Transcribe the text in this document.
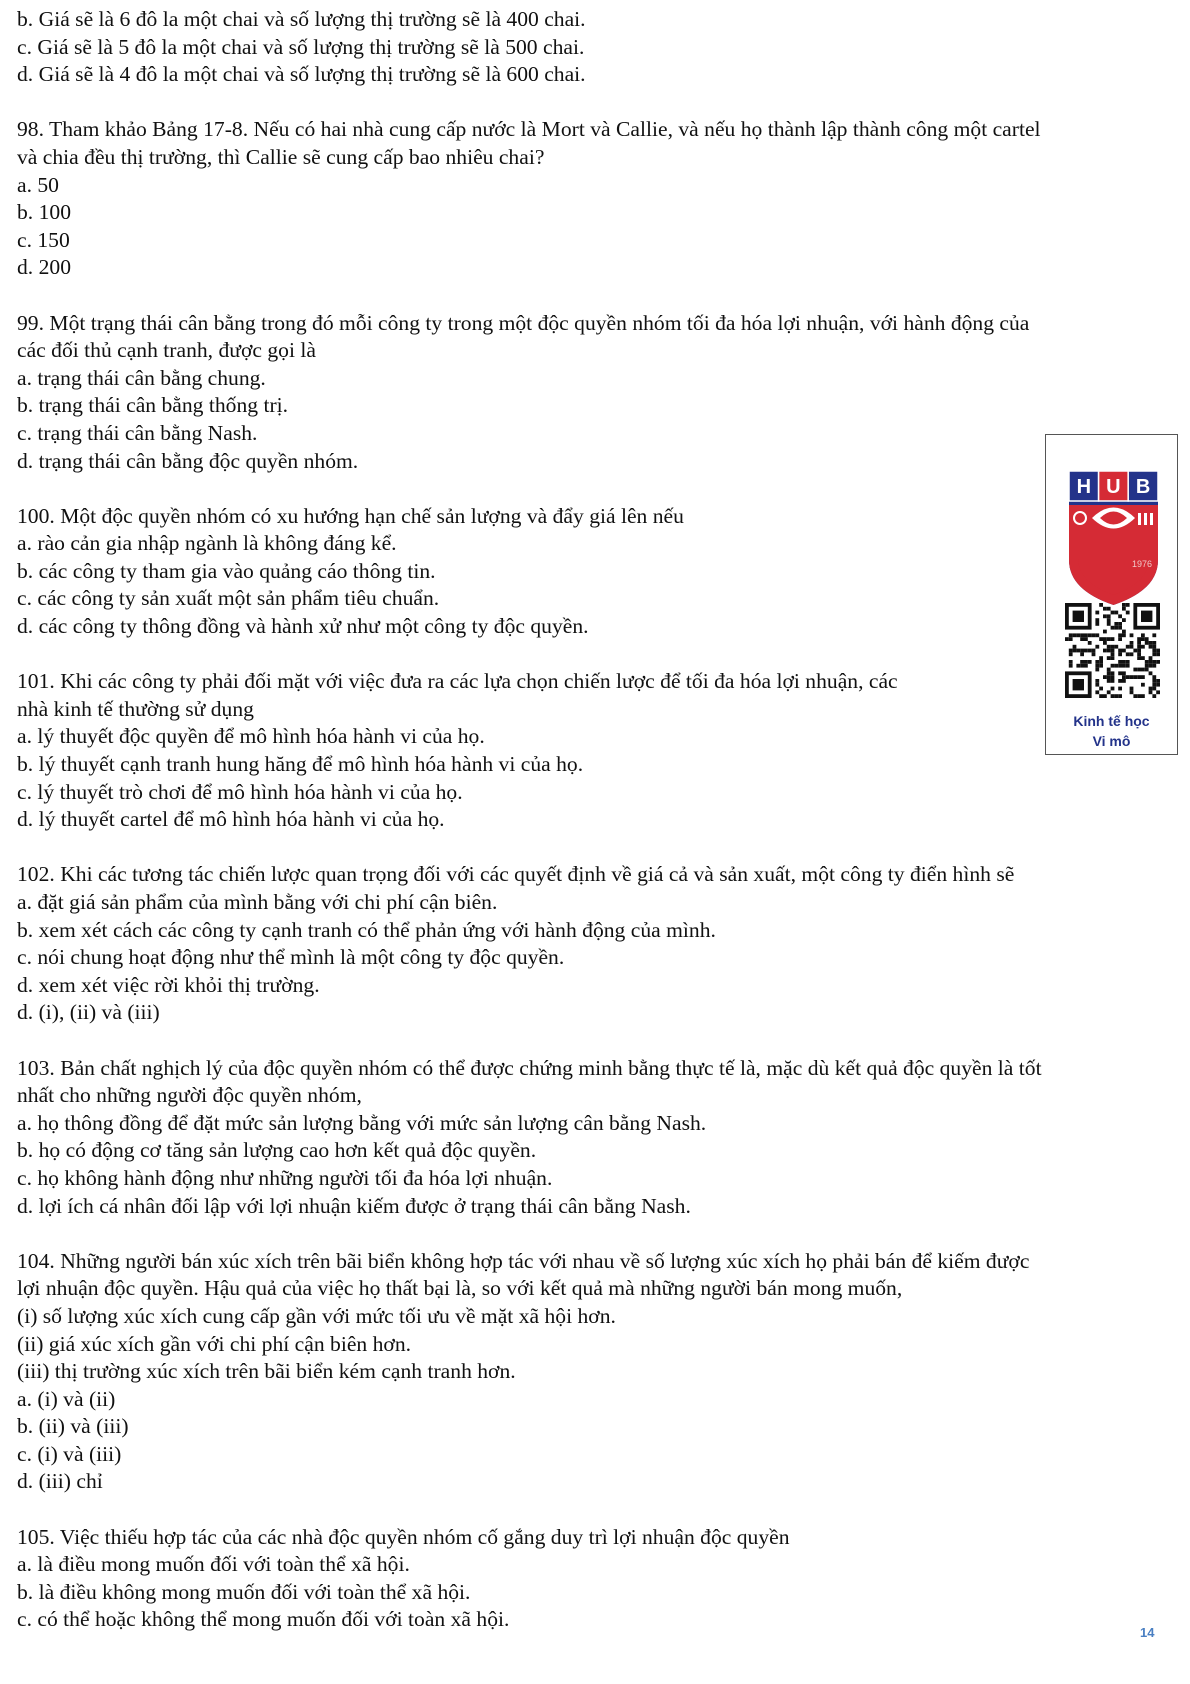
b. Giá sẽ là 6 đô la một chai và số lượng thị trường sẽ là 400 chai.
c. Giá sẽ là 5 đô la một chai và số lượng thị trường sẽ là 500 chai.
d. Giá sẽ là 4 đô la một chai và số lượng thị trường sẽ là 600 chai.
98. Tham khảo Bảng 17-8. Nếu có hai nhà cung cấp nước là Mort và Callie, và nếu họ thành lập thành công một cartel
và chia đều thị trường, thì Callie sẽ cung cấp bao nhiêu chai?
a. 50
b. 100
c. 150
d. 200
99. Một trạng thái cân bằng trong đó mỗi công ty trong một độc quyền nhóm tối đa hóa lợi nhuận, với hành động của
các đối thủ cạnh tranh, được gọi là
a. trạng thái cân bằng chung.
b. trạng thái cân bằng thống trị.
c. trạng thái cân bằng Nash.
d. trạng thái cân bằng độc quyền nhóm.
100. Một độc quyền nhóm có xu hướng hạn chế sản lượng và đẩy giá lên nếu
a. rào cản gia nhập ngành là không đáng kể.
b. các công ty tham gia vào quảng cáo thông tin.
c. các công ty sản xuất một sản phẩm tiêu chuẩn.
d. các công ty thông đồng và hành xử như một công ty độc quyền.
101. Khi các công ty phải đối mặt với việc đưa ra các lựa chọn chiến lược để tối đa hóa lợi nhuận, các
nhà kinh tế thường sử dụng
a. lý thuyết độc quyền để mô hình hóa hành vi của họ.
b. lý thuyết cạnh tranh hung hăng để mô hình hóa hành vi của họ.
c. lý thuyết trò chơi để mô hình hóa hành vi của họ.
d. lý thuyết cartel để mô hình hóa hành vi của họ.
102. Khi các tương tác chiến lược quan trọng đối với các quyết định về giá cả và sản xuất, một công ty điển hình sẽ
a. đặt giá sản phẩm của mình bằng với chi phí cận biên.
b. xem xét cách các công ty cạnh tranh có thể phản ứng với hành động của mình.
c. nói chung hoạt động như thể mình là một công ty độc quyền.
d. xem xét việc rời khỏi thị trường.
d. (i), (ii) và (iii)
103. Bản chất nghịch lý của độc quyền nhóm có thể được chứng minh bằng thực tế là, mặc dù kết quả độc quyền là tốt
nhất cho những người độc quyền nhóm,
a. họ thông đồng để đặt mức sản lượng bằng với mức sản lượng cân bằng Nash.
b. họ có động cơ tăng sản lượng cao hơn kết quả độc quyền.
c. họ không hành động như những người tối đa hóa lợi nhuận.
d. lợi ích cá nhân đối lập với lợi nhuận kiếm được ở trạng thái cân bằng Nash.
104. Những người bán xúc xích trên bãi biển không hợp tác với nhau về số lượng xúc xích họ phải bán để kiếm được
lợi nhuận độc quyền. Hậu quả của việc họ thất bại là, so với kết quả mà những người bán mong muốn,
(i) số lượng xúc xích cung cấp gần với mức tối ưu về mặt xã hội hơn.
(ii) giá xúc xích gần với chi phí cận biên hơn.
(iii) thị trường xúc xích trên bãi biển kém cạnh tranh hơn.
a. (i) và (ii)
b. (ii) và (iii)
c. (i) và (iii)
d. (iii) chỉ
105. Việc thiếu hợp tác của các nhà độc quyền nhóm cố gắng duy trì lợi nhuận độc quyền
a. là điều mong muốn đối với toàn thể xã hội.
b. là điều không mong muốn đối với toàn thể xã hội.
c. có thể hoặc không thể mong muốn đối với toàn xã hội.
H U B
1976
Kinh tế học
Vi mô
14
